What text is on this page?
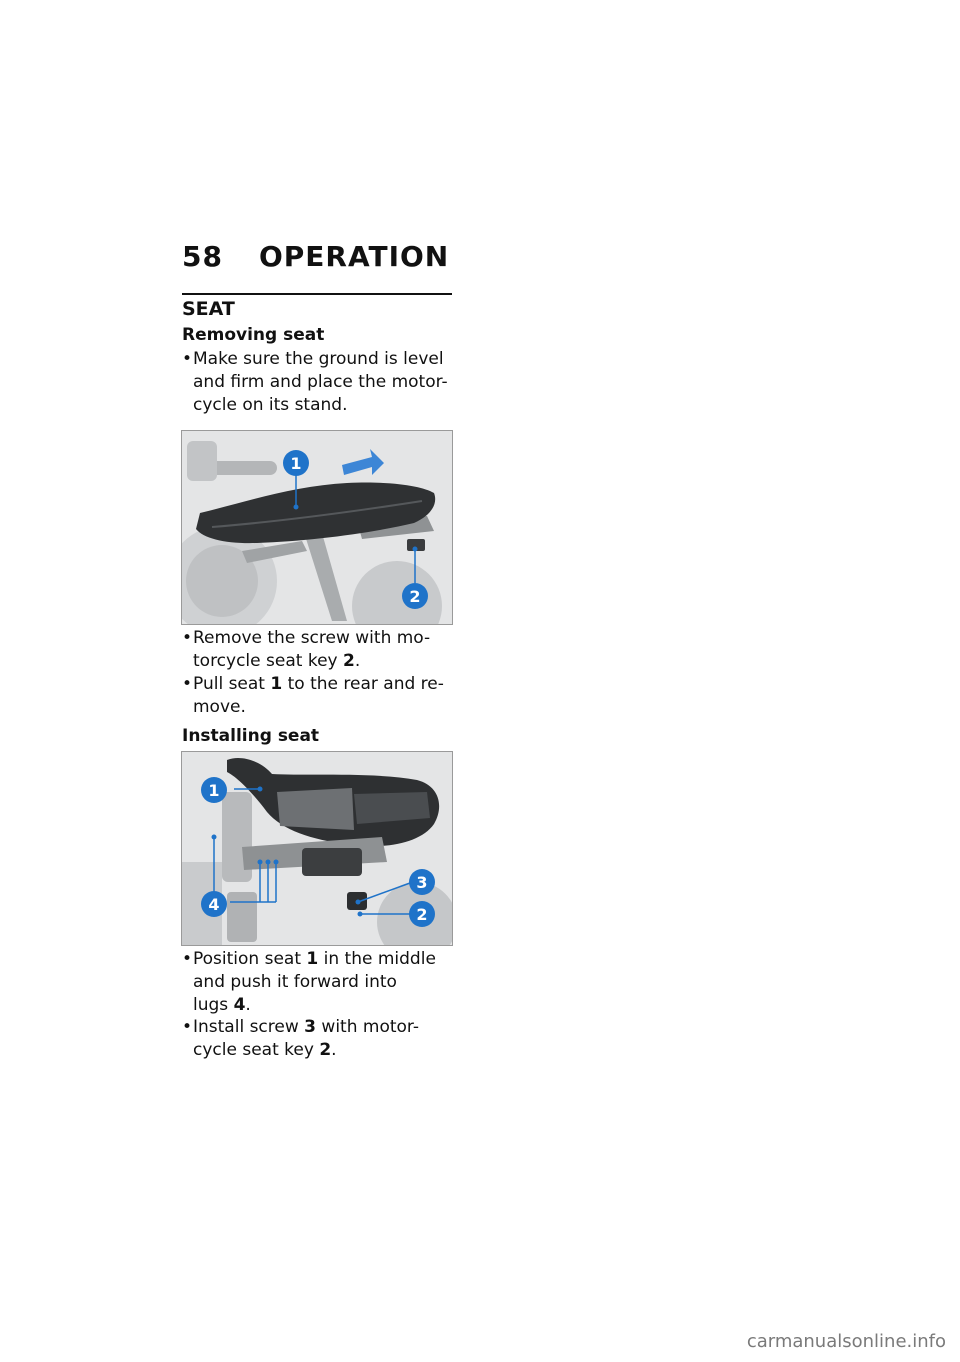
58 OPERATION
SEAT
Removing seat
• Make sure the ground is level
and firm and place the motor-
cycle on its stand.
1
2
• Remove the screw with mo-
torcycle seat key 2.
• Pull seat 1 to the rear and re-
move.
Installing seat
1
4
3
2
• Position seat 1 in the middle
and push it forward into
lugs 4.
• Install screw 3 with motor-
cycle seat key 2.
carmanualsonline.info
